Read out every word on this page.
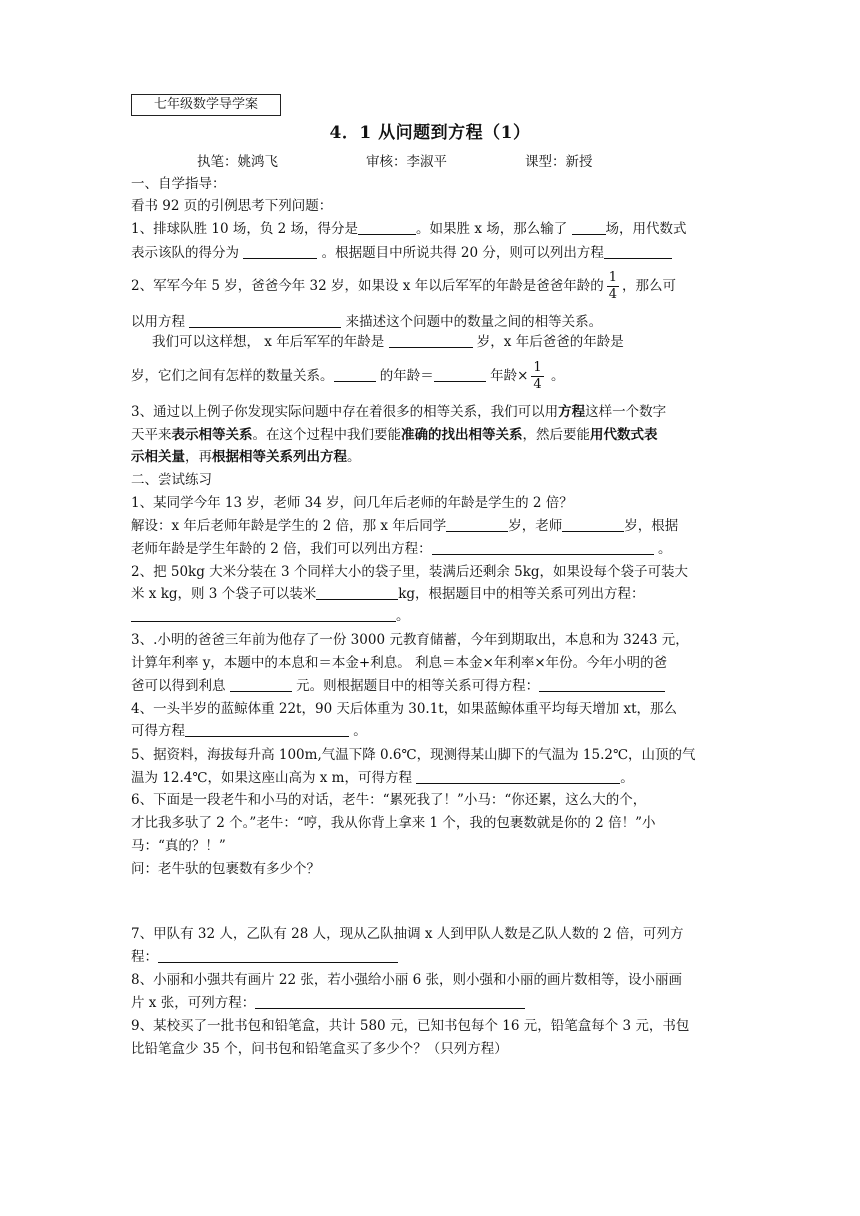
七年级数学导学案
4．1 从问题到方程（1）
执笔：姚鸿飞	审核：李淑平	课型：新授
一、自学指导：
看书 92 页的引例思考下列问题：
1、排球队胜 10 场，负 2 场，得分是	。如果胜 x 场，那么输了	场，用代数式
表示该队的得分为	。根据题目中所说共得 20 分，则可以列出方程
2、军军今年 5 岁，爸爸今年 32 岁，如果设 x 年以后军军的年龄是爸爸年龄的 $\frac{1}{4}$ ，那么可
以用方程	来描述这个问题中的数量之间的相等关系。
我们可以这样想， x 年后军军的年龄是	岁，x 年后爸爸的年龄是
岁，它们之间有怎样的数量关系。	的年龄＝	年龄× $\frac{1}{4}$ 。
3、通过以上例子你发现实际问题中存在着很多的相等关系，我们可以用方程这样一个数字
天平来表示相等关系。在这个过程中我们要能准确的找出相等关系，然后要能用代数式表
示相关量，再根据相等关系列出方程。
二、尝试练习
1、某同学今年 13 岁，老师 34 岁，问几年后老师的年龄是学生的 2 倍？
解设：x 年后老师年龄是学生的 2 倍，那 x 年后同学	岁，老师	岁，根据
老师年龄是学生年龄的 2 倍，我们可以列出方程：	。
2、把 50kg 大米分装在 3 个同样大小的袋子里，装满后还剩余 5kg，如果设每个袋子可装大
米 x kg，则 3 个袋子可以装米	kg，根据题目中的相等关系可列出方程：
。
3、.小明的爸爸三年前为他存了一份 3000 元教育储蓄，今年到期取出，本息和为 3243 元，
计算年利率 y，本题中的本息和＝本金+利息。 利息＝本金×年利率×年份。今年小明的爸
爸可以得到利息	元。则根据题目中的相等关系可得方程：
4、一头半岁的蓝鲸体重 22t，90 天后体重为 30.1t，如果蓝鲸体重平均每天增加 xt，那么
可得方程	。
5、据资料，海拔每升高 100m,气温下降 0.6℃，现测得某山脚下的气温为 15.2℃，山顶的气
温为 12.4℃，如果这座山高为 x m，可得方程	。
6、下面是一段老牛和小马的对话，老牛：“累死我了！”小马：“你还累，这么大的个，
才比我多驮了 2 个。”老牛：“哼，我从你背上拿来 1 个，我的包裹数就是你的 2 倍！”小
马：“真的？！”
问：老牛驮的包裹数有多少个？
7、甲队有 32 人，乙队有 28 人，现从乙队抽调 x 人到甲队人数是乙队人数的 2 倍，可列方
程：
8、小丽和小强共有画片 22 张，若小强给小丽 6 张，则小强和小丽的画片数相等，设小丽画
片 x 张，可列方程：
9、某校买了一批书包和铅笔盒，共计 580 元，已知书包每个 16 元，铅笔盒每个 3 元，书包
比铅笔盒少 35 个，问书包和铅笔盒买了多少个？（只列方程）
